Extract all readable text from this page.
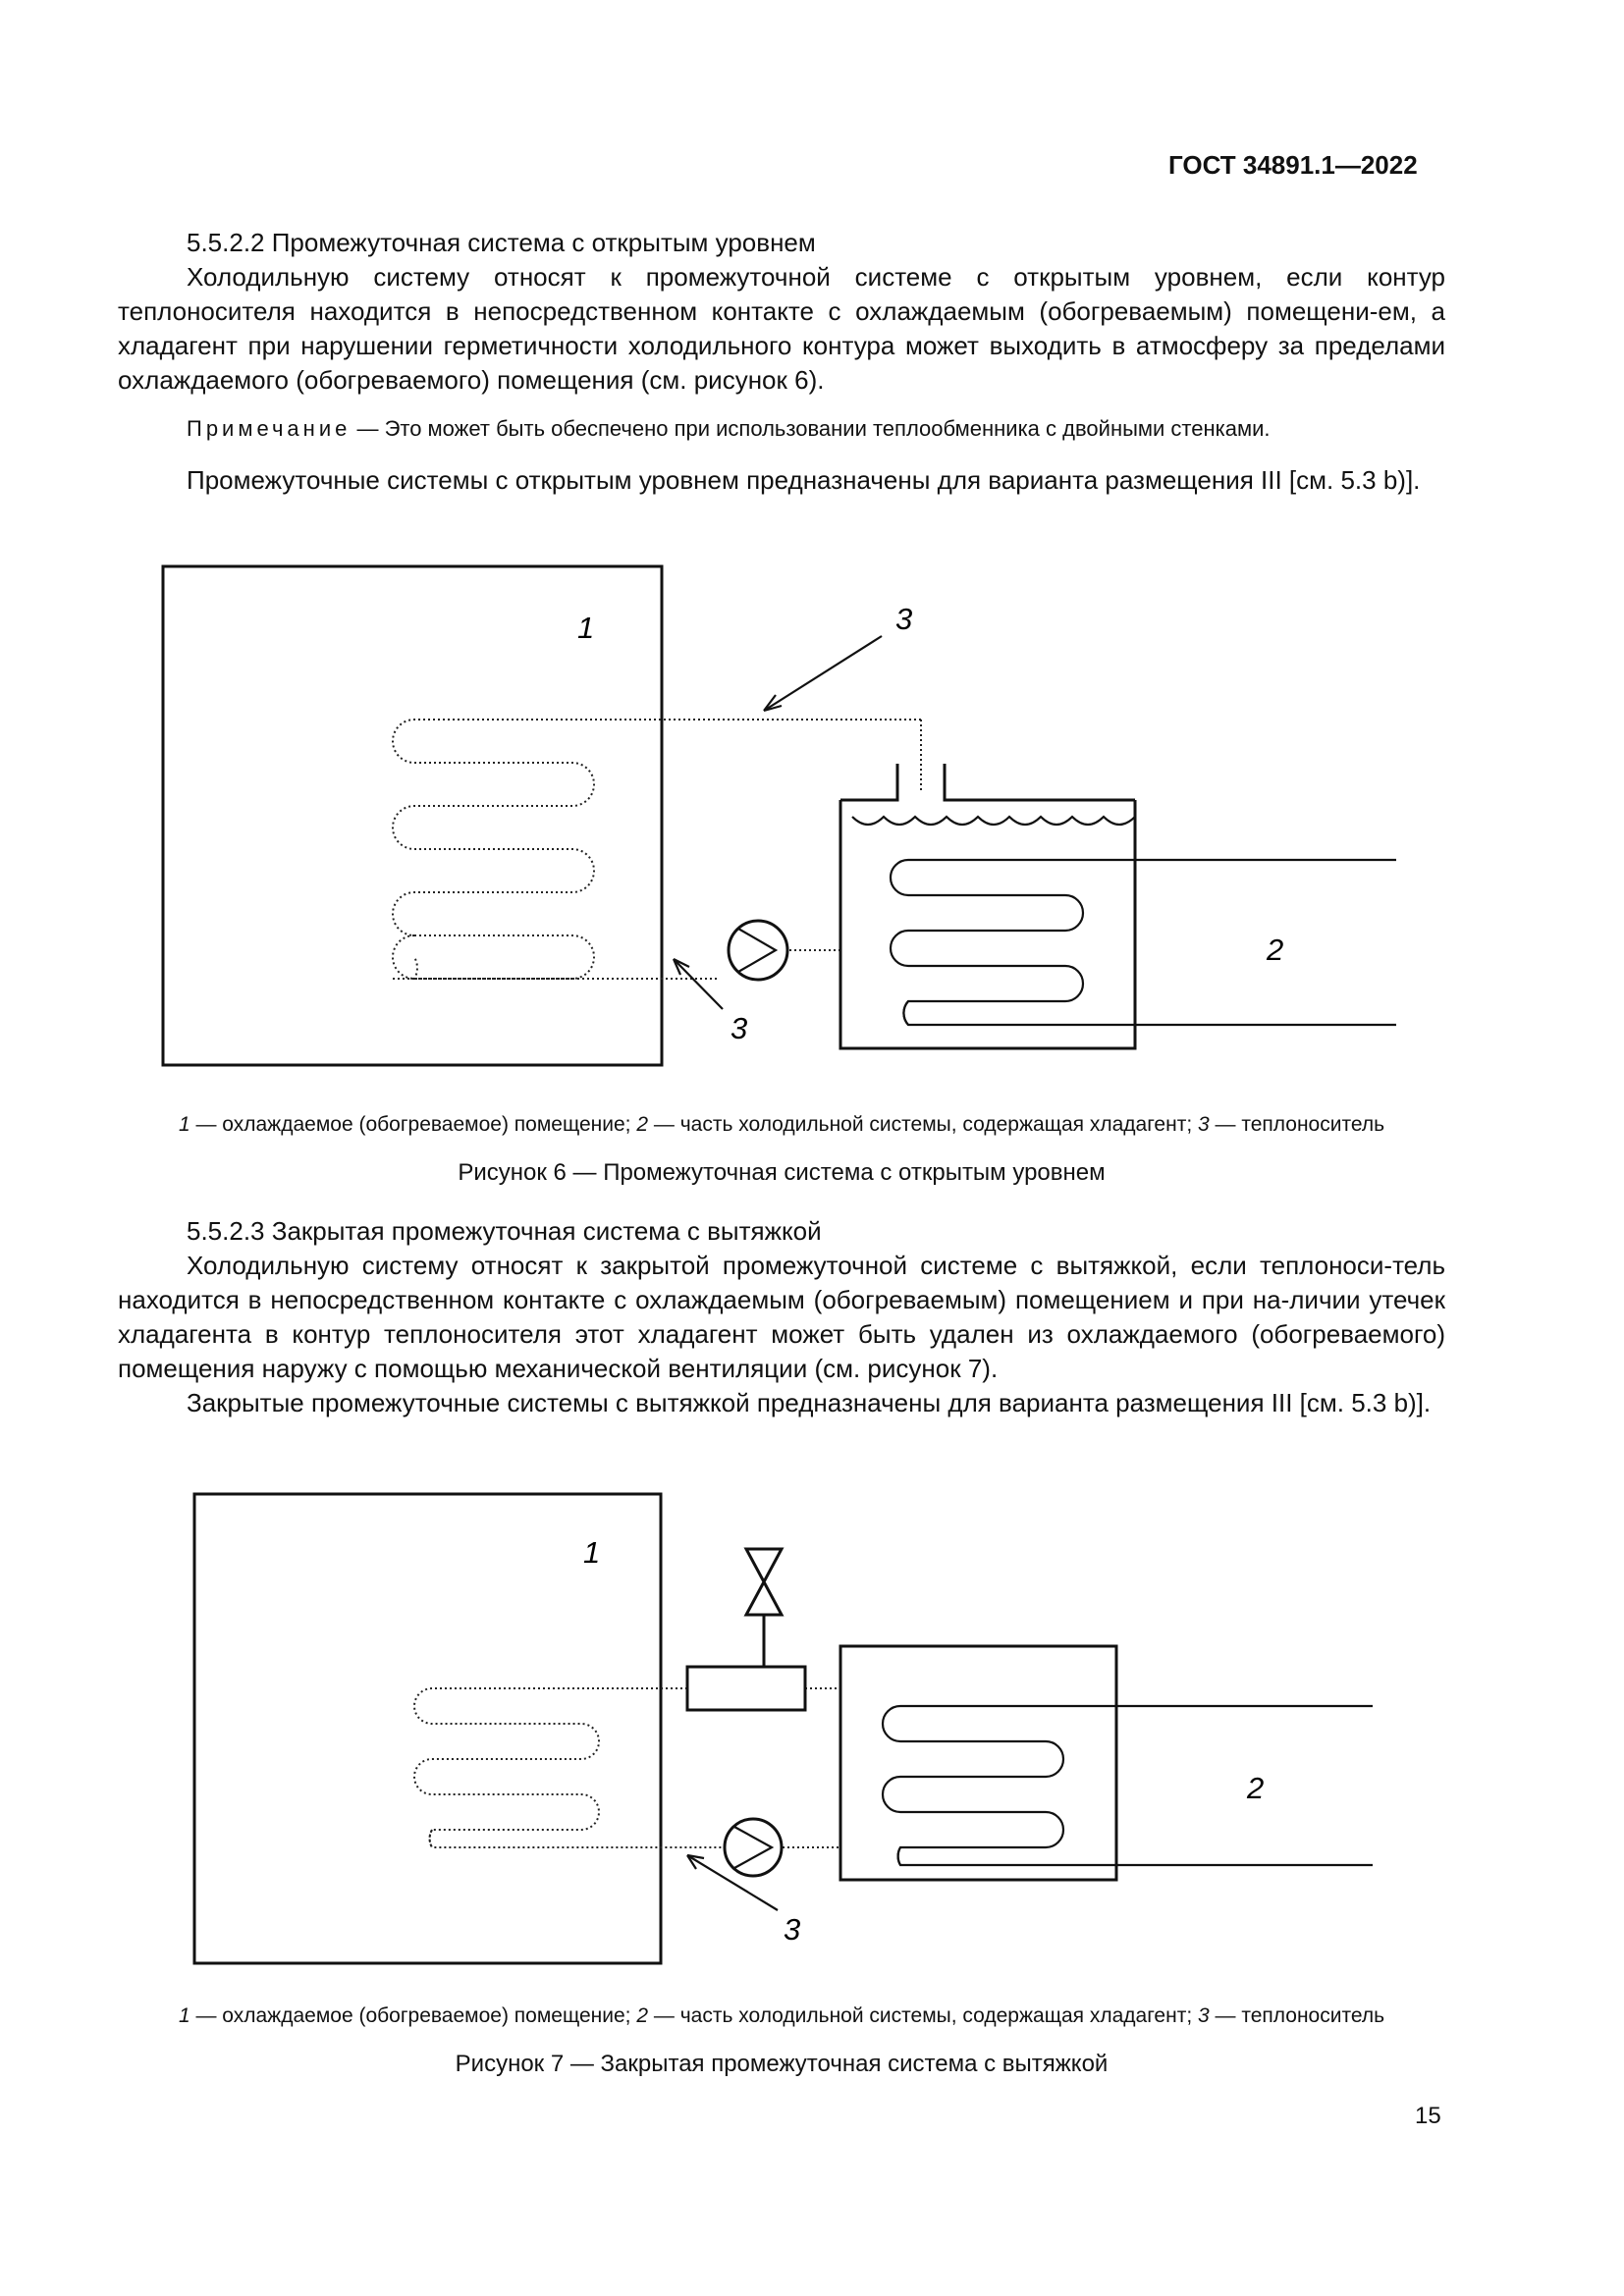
ГОСТ 34891.1—2022

5.5.2.2 Промежуточная система с открытым уровнем

Холодильную систему относят к промежуточной системе с открытым уровнем, если контур теплоносителя находится в непосредственном контакте с охлаждаемым (обогреваемым) помещени-ем, а хладагент при нарушении герметичности холодильного контура может выходить в атмосферу за пределами охлаждаемого (обогреваемого) помещения (см. рисунок 6).

Примечание — Это может быть обеспечено при использовании теплообменника с двойными стенками.

Промежуточные системы с открытым уровнем предназначены для варианта размещения III [см. 5.3 b)].

1
2
3
3
1 — охлаждаемое (обогреваемое) помещение; 2 — часть холодильной системы, содержащая хладагент; 3 — теплоноситель
Рисунок 6 — Промежуточная система с открытым уровнем

5.5.2.3 Закрытая промежуточная система с вытяжкой

Холодильную систему относят к закрытой промежуточной системе с вытяжкой, если теплоноси-тель находится в непосредственном контакте с охлаждаемым (обогреваемым) помещением и при на-личии утечек хладагента в контур теплоносителя этот хладагент может быть удален из охлаждаемого (обогреваемого) помещения наружу с помощью механической вентиляции (см. рисунок 7).

Закрытые промежуточные системы с вытяжкой предназначены для варианта размещения III [см. 5.3 b)].

1
2
3
1 — охлаждаемое (обогреваемое) помещение; 2 — часть холодильной системы, содержащая хладагент; 3 — теплоноситель
Рисунок 7 — Закрытая промежуточная система с вытяжкой
15
